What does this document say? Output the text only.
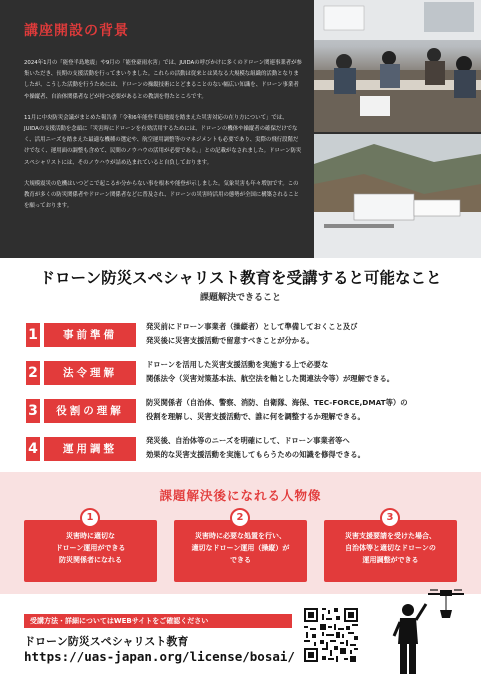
講座開設の背景

2024年1月の「能登半島地震」や9月の「能登豪雨水害」では、JUIDAの呼びかけに多くのドローン関連事業者が参集いただき、長期の支援活動を行ってまいりました。これらの活動は従来とは異なる大規模な組織的活動となりましたが、こうした活動を行うためには、ドローンの操縦技術にとどまることのない幅広い知識を、ドローン事業者や操縦者、自治体関係者などが持つ必要があるとの教訓を得たところです。

11月に中央防災会議がまとめた報告書「令和6年能登半島地震を踏まえた災害対応の在り方について」では、JUIDAの支援活動を念頭に「災害時にドローンを有効活用するためには、ドローンの機体や操縦者の確保だけでなく、活用ニーズを踏まえた最適な機種の選定や、航空運用調整等のマネジメントも必要であり、実際の飛行段階だけでなく、運用面の調整も含めて、民間のノウハウの活用が必要である。」との記載がなされました。ドローン防災スペシャリストには、そのノウハウが詰め込まれていると自負しております。

大規模震災の危機はいつどこで起こるか分からない事を根本や能登が示しました。気象災害も年々増加です。この教育が多くの防災関係者やドローン関係者などに普及され、ドローンの災害時活用の態勢が全国に構築されることを願っております。

ドローン防災スペシャリスト教育を受講すると可能なこと
課題解決できること
1	事前準備
発災前にドローン事業者（操縦者）として準備しておくこと及び
発災後に災害支援活動で留意すべきことが分かる。
2	法令理解
ドローンを活用した災害支援活動を実施する上で必要な
関係法令（災害対策基本法、航空法を軸とした関連法令等）が理解できる。
3	役割の理解
防災関係者（自治体、警察、消防、自衛隊、海保、TEC-FORCE,DMAT等）の
役割を理解し、災害支援活動で、誰に何を調整するか理解できる。
4	運用調整
発災後、自治体等のニーズを明確にして、ドローン事業者等へ
効果的な災害支援活動を実施してもらうための知識を修得できる。
課題解決後になれる人物像
災害時に適切な
ドローン運用ができる
防災関係者になれる
1
災害時に必要な処置を行い、
適切なドローン運用（操縦）が
できる
2
災害支援要請を受けた場合、
自治体等と適切なドローンの
運用調整ができる
3
受講方法・詳細についてはWEBサイトをご確認ください
ドローン防災スペシャリスト教育
https://uas-japan.org/license/bosai/
